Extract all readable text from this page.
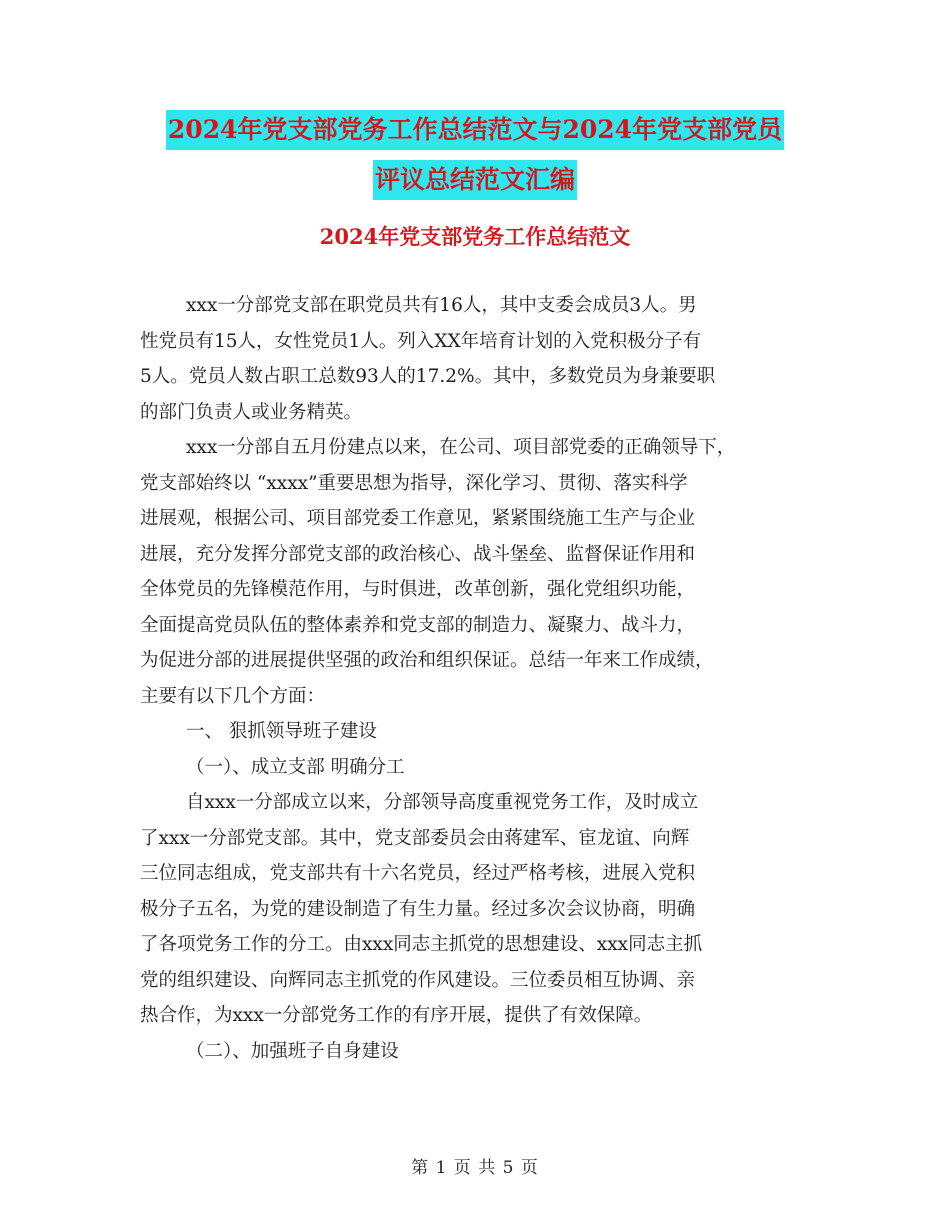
2024年党支部党务工作总结范文与2024年党支部党员
评议总结范文汇编
2024年党支部党务工作总结范文
xxx一分部党支部在职党员共有16人，其中支委会成员3人。男
性党员有15人，女性党员1人。列入XX年培育计划的入党积极分子有
5人。党员人数占职工总数93人的17.2%。其中，多数党员为身兼要职
的部门负责人或业务精英。
xxx一分部自五月份建点以来，在公司、项目部党委的正确领导下，
党支部始终以 “xxxx”重要思想为指导，深化学习、贯彻、落实科学
进展观，根据公司、项目部党委工作意见，紧紧围绕施工生产与企业
进展，充分发挥分部党支部的政治核心、战斗堡垒、监督保证作用和
全体党员的先锋模范作用，与时俱进，改革创新，强化党组织功能，
全面提高党员队伍的整体素养和党支部的制造力、凝聚力、战斗力，
为促进分部的进展提供坚强的政治和组织保证。总结一年来工作成绩，
主要有以下几个方面：
一、 狠抓领导班子建设
（一）、成立支部 明确分工
自xxx一分部成立以来，分部领导高度重视党务工作，及时成立
了xxx一分部党支部。其中，党支部委员会由蒋建军、宦龙谊、向辉
三位同志组成，党支部共有十六名党员，经过严格考核，进展入党积
极分子五名，为党的建设制造了有生力量。经过多次会议协商，明确
了各项党务工作的分工。由xxx同志主抓党的思想建设、xxx同志主抓
党的组织建设、向辉同志主抓党的作风建设。三位委员相互协调、亲
热合作，为xxx一分部党务工作的有序开展，提供了有效保障。
（二）、加强班子自身建设
第 1 页 共 5 页
